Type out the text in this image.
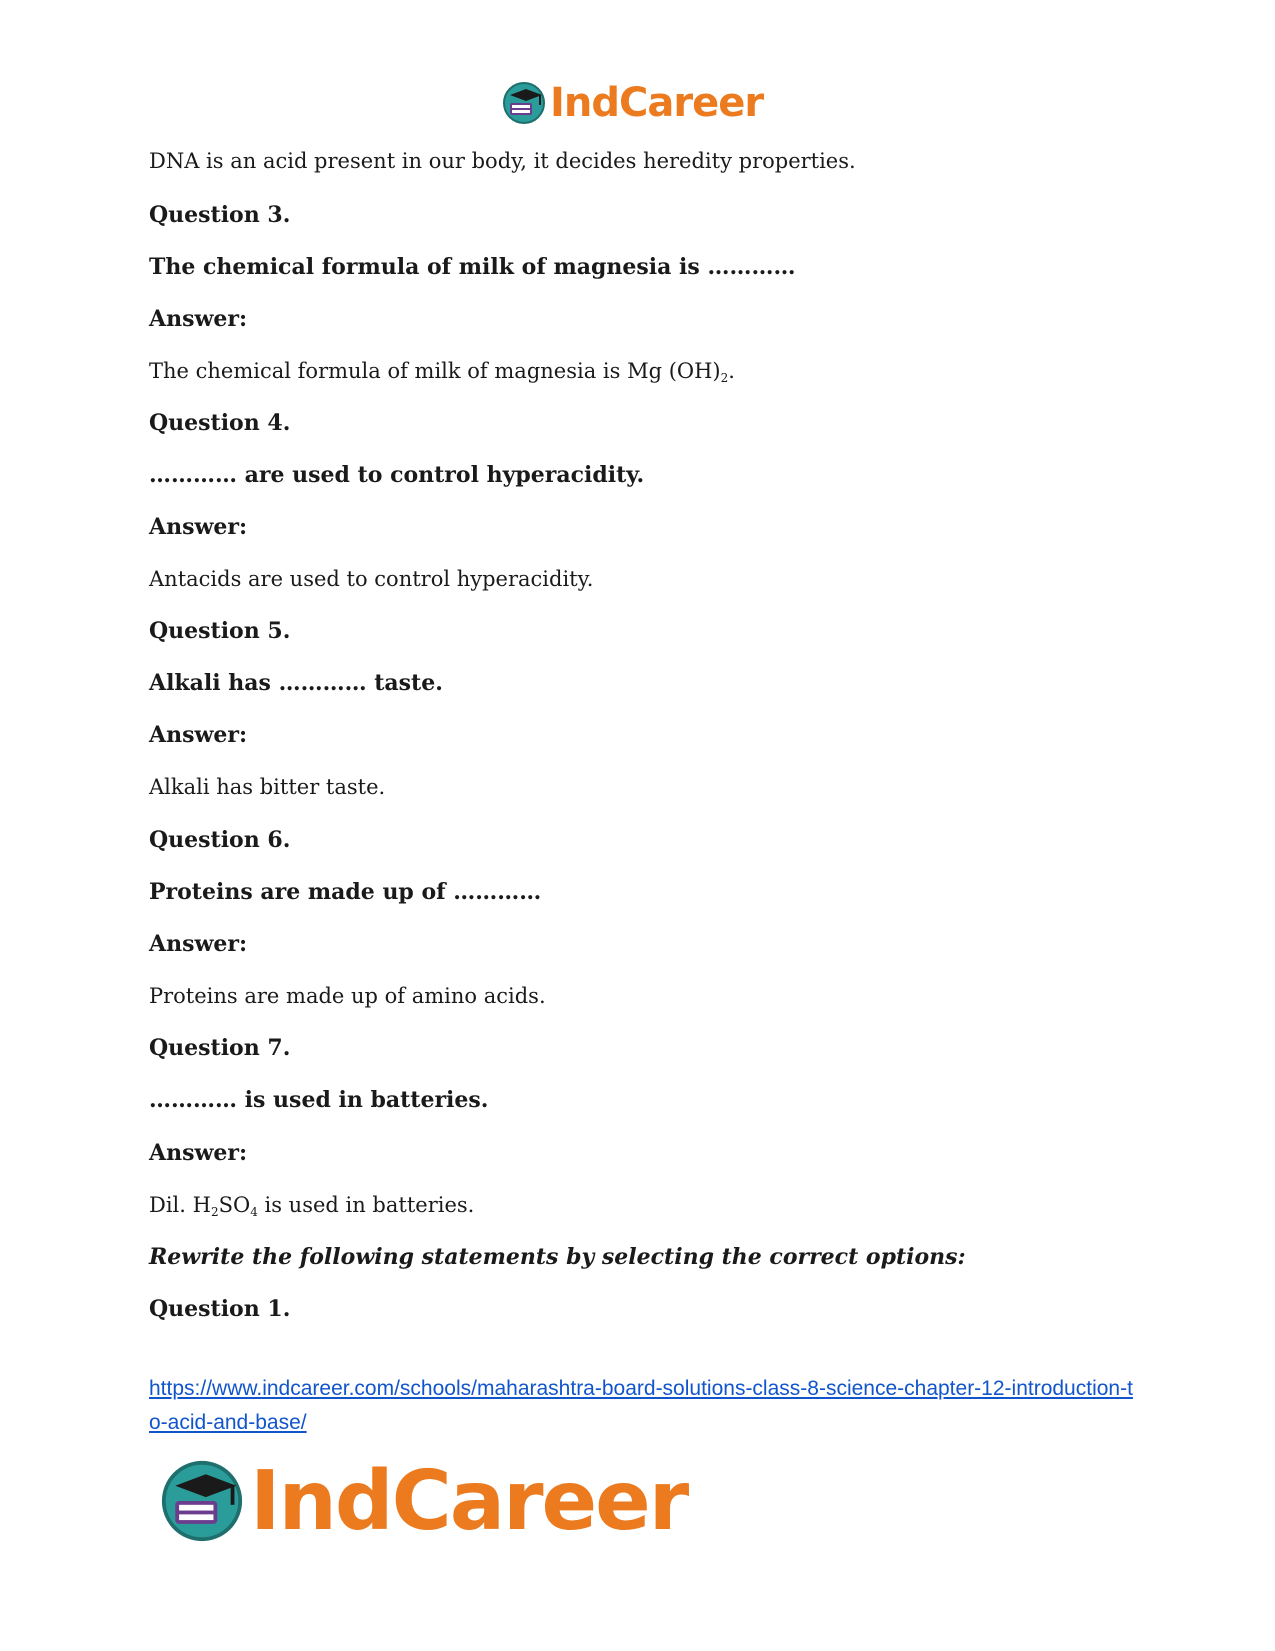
IndCareer
DNA is an acid present in our body, it decides heredity properties.
Question 3.
The chemical formula of milk of magnesia is …………
Answer:
The chemical formula of milk of magnesia is Mg $(OH)_2$.
Question 4.
………… are used to control hyperacidity.
Answer:
Antacids are used to control hyperacidity.
Question 5.
Alkali has ………… taste.
Answer:
Alkali has bitter taste.
Question 6.
Proteins are made up of …………
Answer:
Proteins are made up of amino acids.
Question 7.
………… is used in batteries.
Answer:
Dil. $H_2SO_4$ is used in batteries.
Rewrite the following statements by selecting the correct options:
Question 1.
https://www.indcareer.com/schools/maharashtra-board-solutions-class-8-science-chapter-12-introduction-to-acid-and-base/
IndCareer
